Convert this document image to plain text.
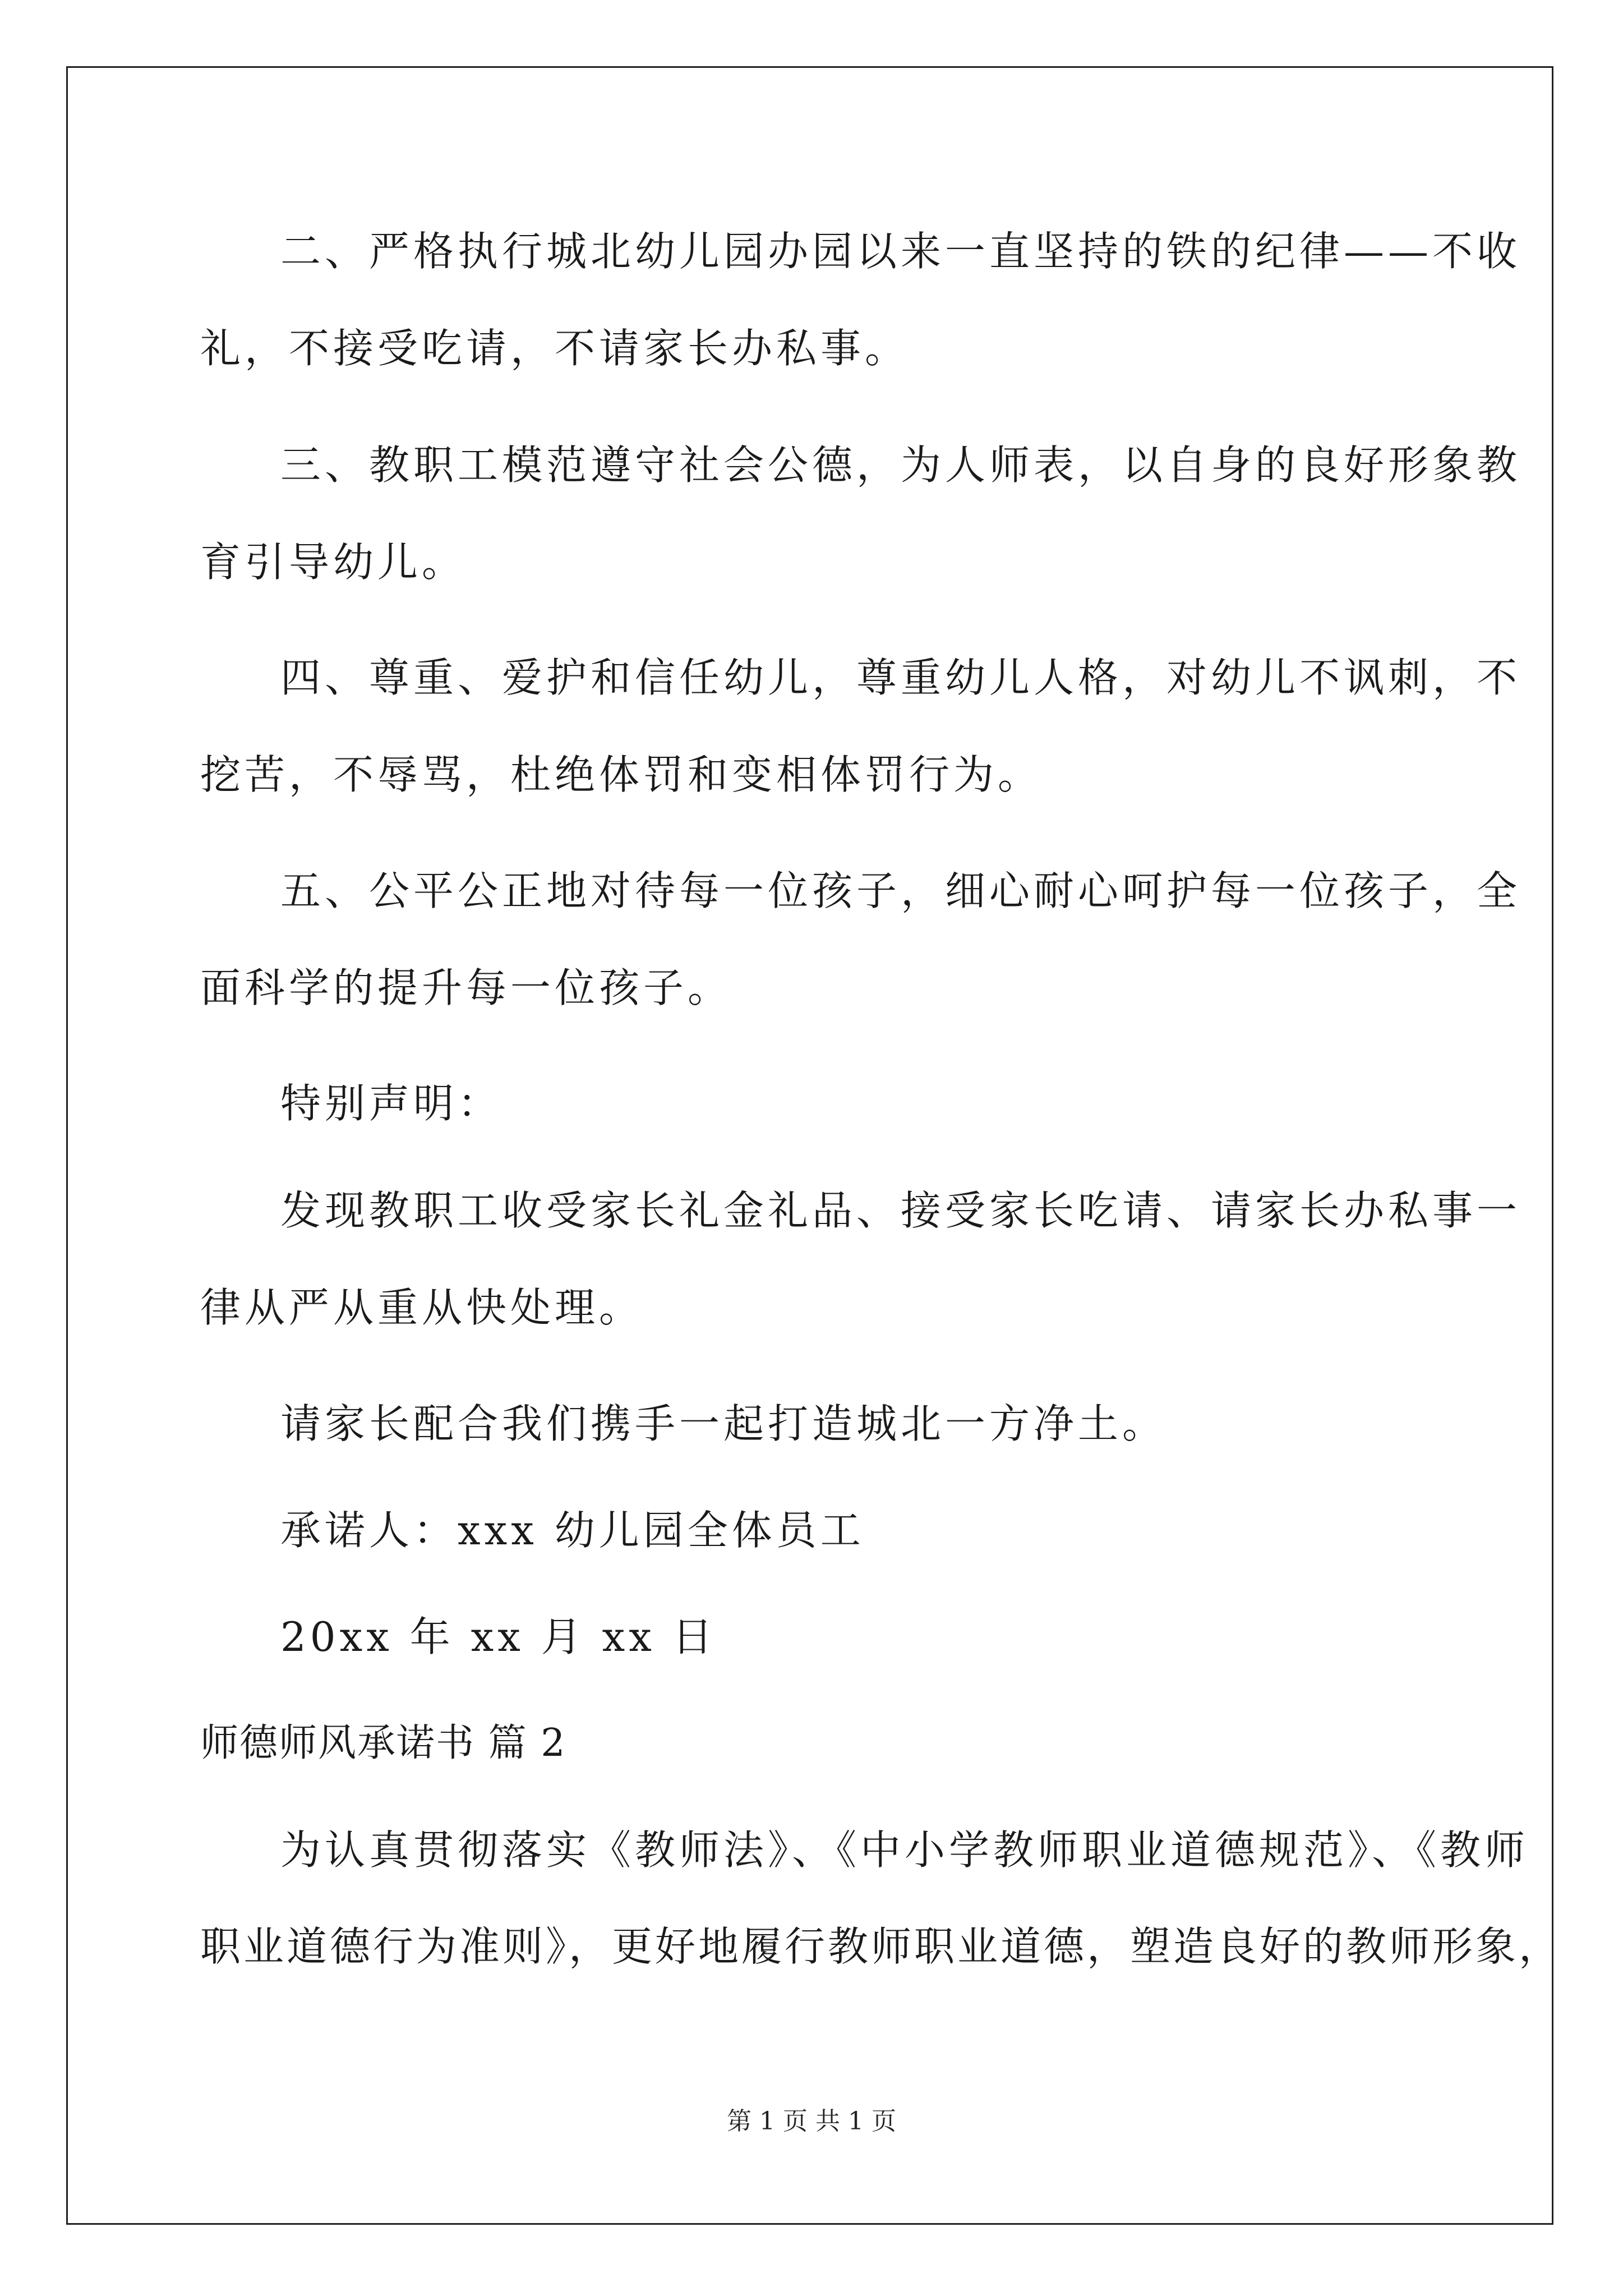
二、严格执行城北幼儿园办园以来一直坚持的铁的纪律——不收
礼，不接受吃请，不请家长办私事。
三、教职工模范遵守社会公德，为人师表，以自身的良好形象教
育引导幼儿。
四、尊重、爱护和信任幼儿，尊重幼儿人格，对幼儿不讽刺，不
挖苦，不辱骂，杜绝体罚和变相体罚行为。
五、公平公正地对待每一位孩子，细心耐心呵护每一位孩子，全
面科学的提升每一位孩子。
特别声明：
发现教职工收受家长礼金礼品、接受家长吃请、请家长办私事一
律从严从重从快处理。
请家长配合我们携手一起打造城北一方净土。
承诺人：xxx 幼儿园全体员工
20xx 年 xx 月 xx 日
师德师风承诺书 篇 2
为认真贯彻落实《教师法》、《中小学教师职业道德规范》、《教师
职业道德行为准则》，更好地履行教师职业道德，塑造良好的教师形象，
第 1 页 共 1 页
